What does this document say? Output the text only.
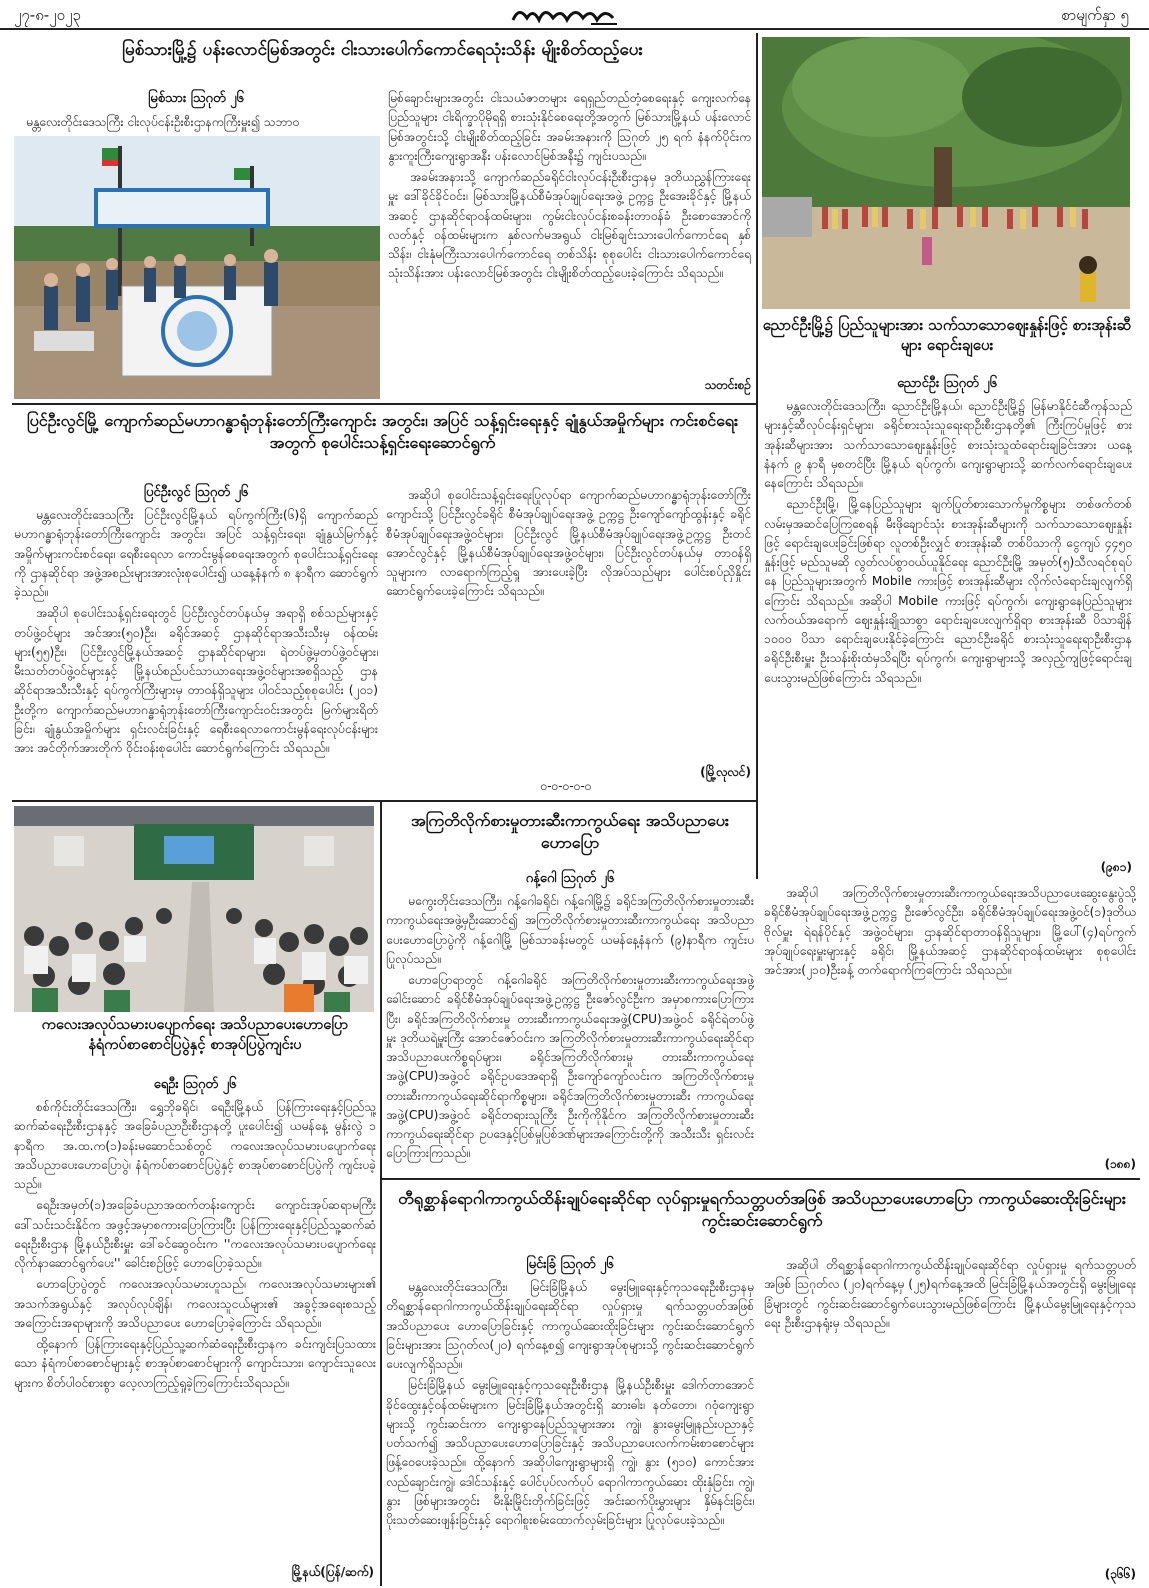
၂၇-၈-၂၀၂၃	စာမျက်နှာ ၅
မြစ်သားမြို့၌ ပန်းလောင်မြစ်အတွင်း ငါးသားပေါက်ကောင်ရေသုံးသိန်း မျိုးစိတ်ထည့်ပေး
မြစ်သား ဩဂုတ် ၂၆
မန္တလေးတိုင်းဒေသကြီး ငါးလုပ်ငန်းဦးစီးဌာနကကြီးမှူး၍ သဘာဝ

မြစ်ချောင်းများအတွင်း ငါးသယံဇာတများ ရေရှည်တည်တံ့စေရေးနှင့် ကျေးလက်နေပြည်သူများ ငါးရိက္ခာပိုမိုရရှိ စားသုံးနိုင်စေရေးတို့အတွက် မြစ်သားမြို့နယ် ပန်းလောင်မြစ်အတွင်းသို့ ငါးမျိုးစိတ်ထည့်ခြင်း အခမ်းအနားကို ဩဂုတ် ၂၅ ရက် နံနက်ပိုင်းက နွားကူးကြီးကျေးရွာအနီး ပန်းလောင်မြစ်အနီး၌ ကျင်းပသည်။

အခမ်းအနားသို့ ကျောက်ဆည်ခရိုင်ငါးလုပ်ငန်းဦးစီးဌာနမှ ဒုတိယညွှန်ကြားရေးမှူး ဒေါ်ခိုင်ခိုင်ဝင်း၊ မြစ်သားမြို့နယ်စီမံအုပ်ချုပ်ရေးအဖွဲ့ ဥက္ကဋ္ဌ ဦးအေးခိုင်နှင့် မြို့နယ်အဆင့် ဌာနဆိုင်ရာဝန်ထမ်းများ၊ ကွမ်းငါးလုပ်ငန်းစခန်းတာဝန်ခံ ဦးစောအောင်ကိုလတ်နှင့် ဝန်ထမ်းများက နှစ်လက်မအရွယ် ငါးမြစ်ချင်းသားပေါက်ကောင်ရေ နှစ်သိန်း၊ ငါးနုံမကြီးသားပေါက်ကောင်ရေ တစ်သိန်း စုစုပေါင်း ငါးသားပေါက်ကောင်ရေ သုံးသိန်းအား ပန်းလောင်မြစ်အတွင်း ငါးမျိုးစိတ်ထည့်ပေးခဲ့ကြောင်း သိရသည်။

သတင်းစဉ်
ညောင်ဦးမြို့၌ ပြည်သူများအား သက်သာသောဈေးနှုန်းဖြင့် စားအုန်းဆီများ ရောင်းချပေး
ညောင်ဦး ဩဂုတ် ၂၆

မန္တလေးတိုင်းဒေသကြီး၊ ညောင်ဦးမြို့နယ်၊ ညောင်ဦးမြို့၌ မြန်မာနိုင်ငံဆီကုန်သည်များနှင့်ဆီလုပ်ငန်းရှင်များ၊ ခရိုင်စားသုံးသူရေးရာဦးစီးဌာနတို့၏ ကြီးကြပ်မှုဖြင့် စားအုန်းဆီများအား သက်သာသောဈေးနှုန်းဖြင့် စားသုံးသူထံရောင်းချခြင်းအား ယနေ့နံနက် ၉ နာရီ မှစတင်ပြီး မြို့နယ် ရပ်ကွက်၊ ကျေးရွာများသို့ ဆက်လက်ရောင်းချပေးနေကြောင်း သိရသည်။

ညောင်ဦးမြို့၊ မြို့နေပြည်သူများ ချက်ပြုတ်စားသောက်မှုကိစ္စများ တစ်ဖက်တစ်လမ်းမှအဆင်ပြေကြစေရန် မီးဖိုချောင်သုံး စားအုန်းဆီများကို သက်သာသောဈေးနှုန်းဖြင့် ရောင်းချပေးခြင်းဖြစ်ရာ လူတစ်ဦးလျှင် စားအုန်းဆီ တစ်ပိသာကို ငွေကျပ် ၄၄၅၀ နှုန်းဖြင့် မည်သူမဆို လွတ်လပ်စွာဝယ်ယူနိုင်ရေး ညောင်ဦးမြို့ အမှတ်(၅)သီလရင်စုရပ်နေ ပြည်သူများအတွက် Mobile ကားဖြင့် စားအုန်းဆီများ လိုက်လံရောင်းချလျက်ရှိကြောင်း သိရသည်။ အဆိုပါ Mobile ကားဖြင့် ရပ်ကွက်၊ ကျေးရွာနေပြည်သူများ လက်ဝယ်အရောက် ဈေးနှုန်းချိုသာစွာ ရောင်းချပေးလျက်ရှိရာ စားအုန်းဆီ ပိသာချိန် ၁၀၀၀ ပိသာ ရောင်းချပေးနိုင်ခဲ့ကြောင်း ညောင်ဦးခရိုင် စားသုံးသူရေးရာဦးစီးဌာန ခရိုင်ဦးစီးမှူး ဦးသန်းစိုးထံမှသိရပြီး ရပ်ကွက်၊ ကျေးရွာများသို့ အလှည့်ကျဖြင့်ရောင်းချပေးသွားမည်ဖြစ်ကြောင်း သိရသည်။

(၉၈၁)
ပြင်ဦးလွင်မြို့ ကျောက်ဆည်မဟာဂန္ဓာရုံဘုန်းတော်ကြီးကျောင်း အတွင်း၊ အပြင် သန့်ရှင်းရေးနှင့် ချုံနွယ်အမှိုက်များ ကင်းစင်ရေးအတွက် စုပေါင်းသန့်ရှင်းရေးဆောင်ရွက်
ပြင်ဦးလွင် ဩဂုတ် ၂၆

မန္တလေးတိုင်းဒေသကြီး ပြင်ဦးလွင်မြို့နယ် ရပ်ကွက်ကြီး(၆)ရှိ ကျောက်ဆည်မဟာဂန္ဓာရုံဘုန်းတော်ကြီးကျောင်း အတွင်း၊ အပြင် သန့်ရှင်းရေး၊ ချုံနွယ်မြက်နှင့် အမှိုက်များကင်းစင်ရေး၊ ရေစီးရေလာ ကောင်းမွန်စေရေးအတွက် စုပေါင်းသန့်ရှင်းရေးကို ဌာနဆိုင်ရာ အဖွဲ့အစည်းများအားလုံးစုပေါင်း၍ ယနေ့နံနက် ၈ နာရီက ဆောင်ရွက်ခဲ့သည်။

အဆိုပါ စုပေါင်းသန့်ရှင်းရေးတွင် ပြင်ဦးလွင်တပ်နယ်မှ အရာရှိ စစ်သည်များနှင့် တပ်ဖွဲ့ဝင်များ အင်အား(၅၀)ဦး၊ ခရိုင်အဆင့် ဌာနဆိုင်ရာအသီးသီးမှ ဝန်ထမ်းများ(၅၅)ဦး၊ ပြင်ဦးလွင်မြို့နယ်အဆင့် ဌာနဆိုင်ရာများ၊ ရဲတပ်ဖွဲ့မှတပ်ဖွဲ့ဝင်များ၊ မီးသတ်တပ်ဖွဲ့ဝင်များနှင့် မြို့နယ်စည်ပင်သာယာရေးအဖွဲ့ဝင်များအစရှိသည့် ဌာနဆိုင်ရာအသီးသီးနှင့် ရပ်ကွက်ကြီးများမှ တာဝန်ရှိသူများ ပါဝင်သည့်စုစုပေါင်း (၂၀၁) ဦးတို့က ကျောက်ဆည်မဟာဂန္ဓာရုံဘုန်းတော်ကြီးကျောင်းဝင်းအတွင်း မြက်များရိတ်ခြင်း၊ ချုံနွယ်အမှိုက်များ ရှင်းလင်းခြင်းနှင့် ရေစီးရေလာကောင်းမွန်ရေးလုပ်ငန်းများအား အင်တိုက်အားတိုက် ဝိုင်းဝန်းစုပေါင်း ဆောင်ရွက်ကြောင်း သိရသည်။

အဆိုပါ စုပေါင်းသန့်ရှင်းရေးပြုလုပ်ရာ ကျောက်ဆည်မဟာဂန္ဓာရုံဘုန်းတော်ကြီးကျောင်းသို့ ပြင်ဦးလွင်ခရိုင် စီမံအုပ်ချုပ်ရေးအဖွဲ့ ဥက္ကဋ္ဌ ဦးကျော်ကျော်ထွန်းနှင့် ခရိုင်စီမံအုပ်ချုပ်ရေးအဖွဲ့ဝင်များ၊ ပြင်ဦးလွင် မြို့နယ်စီမံအုပ်ချုပ်ရေးအဖွဲ့ဥက္ကဋ္ဌ ဦးတင်အောင်လွင်နှင့် မြို့နယ်စီမံအုပ်ချုပ်ရေးအဖွဲ့ဝင်များ၊ ပြင်ဦးလွင်တပ်နယ်မှ တာဝန်ရှိသူများက လာရောက်ကြည့်ရှု အားပေးခဲ့ပြီး လိုအပ်သည်များ ပေါင်းစပ်ညှိနှိုင်း ဆောင်ရွက်ပေးခဲ့ကြောင်း သိရသည်။

(မြို့လုလင်)
၀-၀-၀-၀-၀
ကလေးအလုပ်သမားပပျောက်ရေး အသိပညာပေးဟောပြော နံရံကပ်စာစောင်ပြပွဲနှင့် စာအုပ်ပြပွဲကျင်းပ
ရေဦး ဩဂုတ် ၂၆

စစ်ကိုင်းတိုင်းဒေသကြီး၊ ရွှေဘိုခရိုင်၊ ရေဦးမြို့နယ် ပြန်ကြားရေးနှင့်ပြည်သူ့ဆက်ဆံရေးဦးစီးဌာနနှင့် အခြေခံပညာဦးစီးဌာနတို့ ပူးပေါင်း၍ ယမန်နေ့ မွန်းလွဲ ၁ နာရီက အ.ထ.က(၁)ခန်းမဆောင်သစ်တွင် ကလေးအလုပ်သမားပပျောက်ရေး အသိပညာပေးဟောပြောပွဲ၊ နံရံကပ်စာစောင်ပြပွဲနှင့် စာအုပ်စာစောင်ပြပွဲကို ကျင်းပခဲ့သည်။

ရေဦးအမှတ်(၁)အခြေခံပညာအထက်တန်းကျောင်း ကျောင်းအုပ်ဆရာမကြီး ဒေါ်သင်းသင်းနိုင်က အဖွင့်အမှာစကားပြောကြားပြီး ပြန်ကြားရေးနှင့်ပြည်သူ့ဆက်ဆံရေးဦးစီးဌာန မြို့နယ်ဦးစီးမှူး ဒေါ်ခင်ဆွေဝင်းက ''ကလေးအလုပ်သမားပပျောက်ရေး လိုက်နာဆောင်ရွက်ပေး'' ခေါင်းစဉ်ဖြင့် ဟောပြောခဲ့သည်။

ဟောပြောပွဲတွင် ကလေးအလုပ်သမားဟူသည်၊ ကလေးအလုပ်သမားများ၏ အသက်အရွယ်နှင့် အလုပ်လုပ်ချိန်၊ ကလေးသူငယ်များ၏ အခွင့်အရေးစသည့် အကြောင်းအရာများကို အသိပညာပေး ဟောပြောခဲ့ကြောင်း သိရသည်။

ထို့နောက် ပြန်ကြားရေးနှင့်ပြည်သူ့ဆက်ဆံရေးဦးစီးဌာနက ခင်းကျင်းပြသထားသော နံရံကပ်စာစောင်များနှင့် စာအုပ်စာစောင်များကို ကျောင်းသား၊ ကျောင်းသူလေးများက စိတ်ပါဝင်စားစွာ လေ့လာကြည့်ရှုခဲ့ကြကြောင်းသိရသည်။

မြို့နယ်(ပြန်/ဆက်)
အကြတိလိုက်စားမှုတားဆီးကာကွယ်ရေး အသိပညာပေးဟောပြော
ဂန့်ဂေါ ဩဂုတ် ၂၆

မကွေးတိုင်းဒေသကြီး၊ ဂန့်ဂေါခရိုင်၊ ဂန့်ဂေါမြို့၌ ခရိုင်အကြတိလိုက်စားမှုတားဆီးကာကွယ်ရေးအဖွဲ့မှဦးဆောင်၍ အကြတိလိုက်စားမှုတားဆီးကာကွယ်ရေး အသိပညာပေးဟောပြောပွဲကို ဂန့်ဂေါမြို့ မြစ်သာခန်းမတွင် ယမန်နေ့နံနက် (၉)နာရီက ကျင်းပပြုလုပ်သည်။

ဟောပြောရာတွင် ဂန့်ဂေါခရိုင် အကြတိလိုက်စားမှုတားဆီးကာကွယ်ရေးအဖွဲ့ခေါင်းဆောင် ခရိုင်စီမံအုပ်ချုပ်ရေးအဖွဲ့ဥက္ကဋ္ဌ ဦးဇော်လွင်ဦးက အမှာစကားပြောကြားပြီး၊ ခရိုင်အကြတိလိုက်စားမှု တားဆီးကာကွယ်ရေးအဖွဲ့(CPU)အဖွဲ့ဝင် ခရိုင်ရဲတပ်ဖွဲ့မှူး ဒုတိယရဲမှူးကြီး အောင်ဇော်ဝင်းက အကြတိလိုက်စားမှုတားဆီးကာကွယ်ရေးဆိုင်ရာ အသိပညာပေးကိစ္စရပ်များ၊ ခရိုင်အကြတိလိုက်စားမှု တားဆီးကာကွယ်ရေးအဖွဲ့(CPU)အဖွဲ့ဝင် ခရိုင်ဥပဒေအရာရှိ ဦးကျော်ကျော်လင်းက အကြတိလိုက်စားမှုတားဆီးကာကွယ်ရေးဆိုင်ရာကိစ္စများ၊ ခရိုင်အကြတိလိုက်စားမှုတားဆီး ကာကွယ်ရေးအဖွဲ့(CPU)အဖွဲ့ဝင် ခရိုင်တရားသူကြီး ဦးကိုကိုနိုင်က အကြတိလိုက်စားမှုတားဆီးကာကွယ်ရေးဆိုင်ရာ ဥပဒေနှင့်ပြစ်မှုပြစ်ဒဏ်များအကြောင်းတို့ကို အသီးသီး ရှင်းလင်းပြောကြားကြသည်။

အဆိုပါ အကြတိလိုက်စားမှုတားဆီးကာကွယ်ရေးအသိပညာပေးဆွေးနွေးပွဲသို့ ခရိုင်စီမံအုပ်ချုပ်ရေးအဖွဲ့ဥက္ကဋ္ဌ ဦးဇော်လွင်ဦး၊ ခရိုင်စီမံအုပ်ချုပ်ရေးအဖွဲ့ဝင်(၁)ဒုတိယဗိုလ်မှူး ရဲရန်ပိုင်နှင့် အဖွဲ့ဝင်များ၊ ဌာနဆိုင်ရာတာဝန်ရှိသူများ၊ မြို့ပေါ်(၄)ရပ်ကွက် အုပ်ချုပ်ရေးမှူးများနှင့် ခရိုင်၊ မြို့နယ်အဆင့် ဌာနဆိုင်ရာဝန်ထမ်းများ စုစုပေါင်း အင်အား(၂၁၀)ဦးခန့် တက်ရောက်ကြကြောင်း သိရသည်။

(၁၈၈)
တီရုစ္ဆာန်ရောဂါကာကွယ်ထိန်းချုပ်ရေးဆိုင်ရာ လုပ်ရှားမှုရက်သတ္တပတ်အဖြစ် အသိပညာပေးဟောပြော ကာကွယ်ဆေးထိုးခြင်းများ ကွင်းဆင်းဆောင်ရွက်
မြင်းခြံ ဩဂုတ် ၂၆

မန္တလေးတိုင်းဒေသကြီး၊ မြင်းခြံမြို့နယ် မွေးမြူရေးနှင့်ကုသရေးဦးစီးဌာနမှ တိရစ္ဆာန်ရောဂါကာကွယ်ထိန်းချုပ်ရေးဆိုင်ရာ လှုပ်ရှားမှု ရက်သတ္တပတ်အဖြစ် အသိပညာပေး ဟောပြောခြင်းနှင့် ကာကွယ်ဆေးထိုးခြင်းများ ကွင်းဆင်းဆောင်ရွက်ခြင်းများအား ဩဂုတ်လ(၂၀) ရက်နေ့စ၍ ကျေးရွာအုပ်စုများသို့ ကွင်းဆင်းဆောင်ရွက်ပေးလျက်ရှိသည်။

မြင်းခြံမြို့နယ် မွေးမြူရေးနှင့်ကုသရေးဦးစီးဌာန မြို့နယ်ဦးစီးမှူး ဒေါက်တာအောင်ခိုင်ထွေးနှင့်ဝန်ထမ်းများက မြင်းခြံမြို့နယ်အတွင်းရှိ ဆားဓါး၊ နတ်တော၊ ဂဝုံကျေးရွာများသို့ ကွင်းဆင်းကာ ကျေးရွာနေပြည်သူများအား ကျွဲ၊ နွားမွေးမြူနည်းပညာနှင့်ပတ်သက်၍ အသိပညာပေးဟောပြောခြင်းနှင့် အသိပညာပေးလက်ကမ်းစာစောင်များ ဖြန့်ဝေပေးခဲ့သည်။ ထို့နောက် အဆိုပါကျေးရွာများရှိ ကျွဲ၊ နွား (၅၁၀) ကောင်အား လည်ချောင်းကျွဲ၊ ဒေါင်သန်းနှင့် ပေါင်ပုပ်လက်ပုပ် ရောဂါကာကွယ်ဆေး ထိုးနှံခြင်း၊ ကျွဲ၊ နွား ဖြစ်များအတွင်း မီးနိုးမြိုင်းတိုက်ခြင်းဖြင့် အင်းဆက်ပိုးမွှားများ နှိမ်နင်းခြင်း၊ ပိုးသတ်ဆေးဖျန်းခြင်းနှင့် ရောဂါစူးစမ်းထောက်လှမ်းခြင်းများ ပြုလုပ်ပေးခဲ့သည်။

အဆိုပါ တိရစ္ဆာန်ရောဂါကာကွယ်ထိန်းချုပ်ရေးဆိုင်ရာ လှုပ်ရှားမှု ရက်သတ္တပတ်အဖြစ် ဩဂုတ်လ (၂၀)ရက်နေ့မှ (၂၅)ရက်နေ့အထိ မြင်းခြံမြို့နယ်အတွင်းရှိ မွေးမြူရေးခြံများတွင် ကွင်းဆင်းဆောင်ရွက်ပေးသွားမည်ဖြစ်ကြောင်း မြို့နယ်မွေးမြူရေးနှင့်ကုသရေး ဦးစီးဌာနရုံးမှ သိရသည်။

(၃၆၆)
